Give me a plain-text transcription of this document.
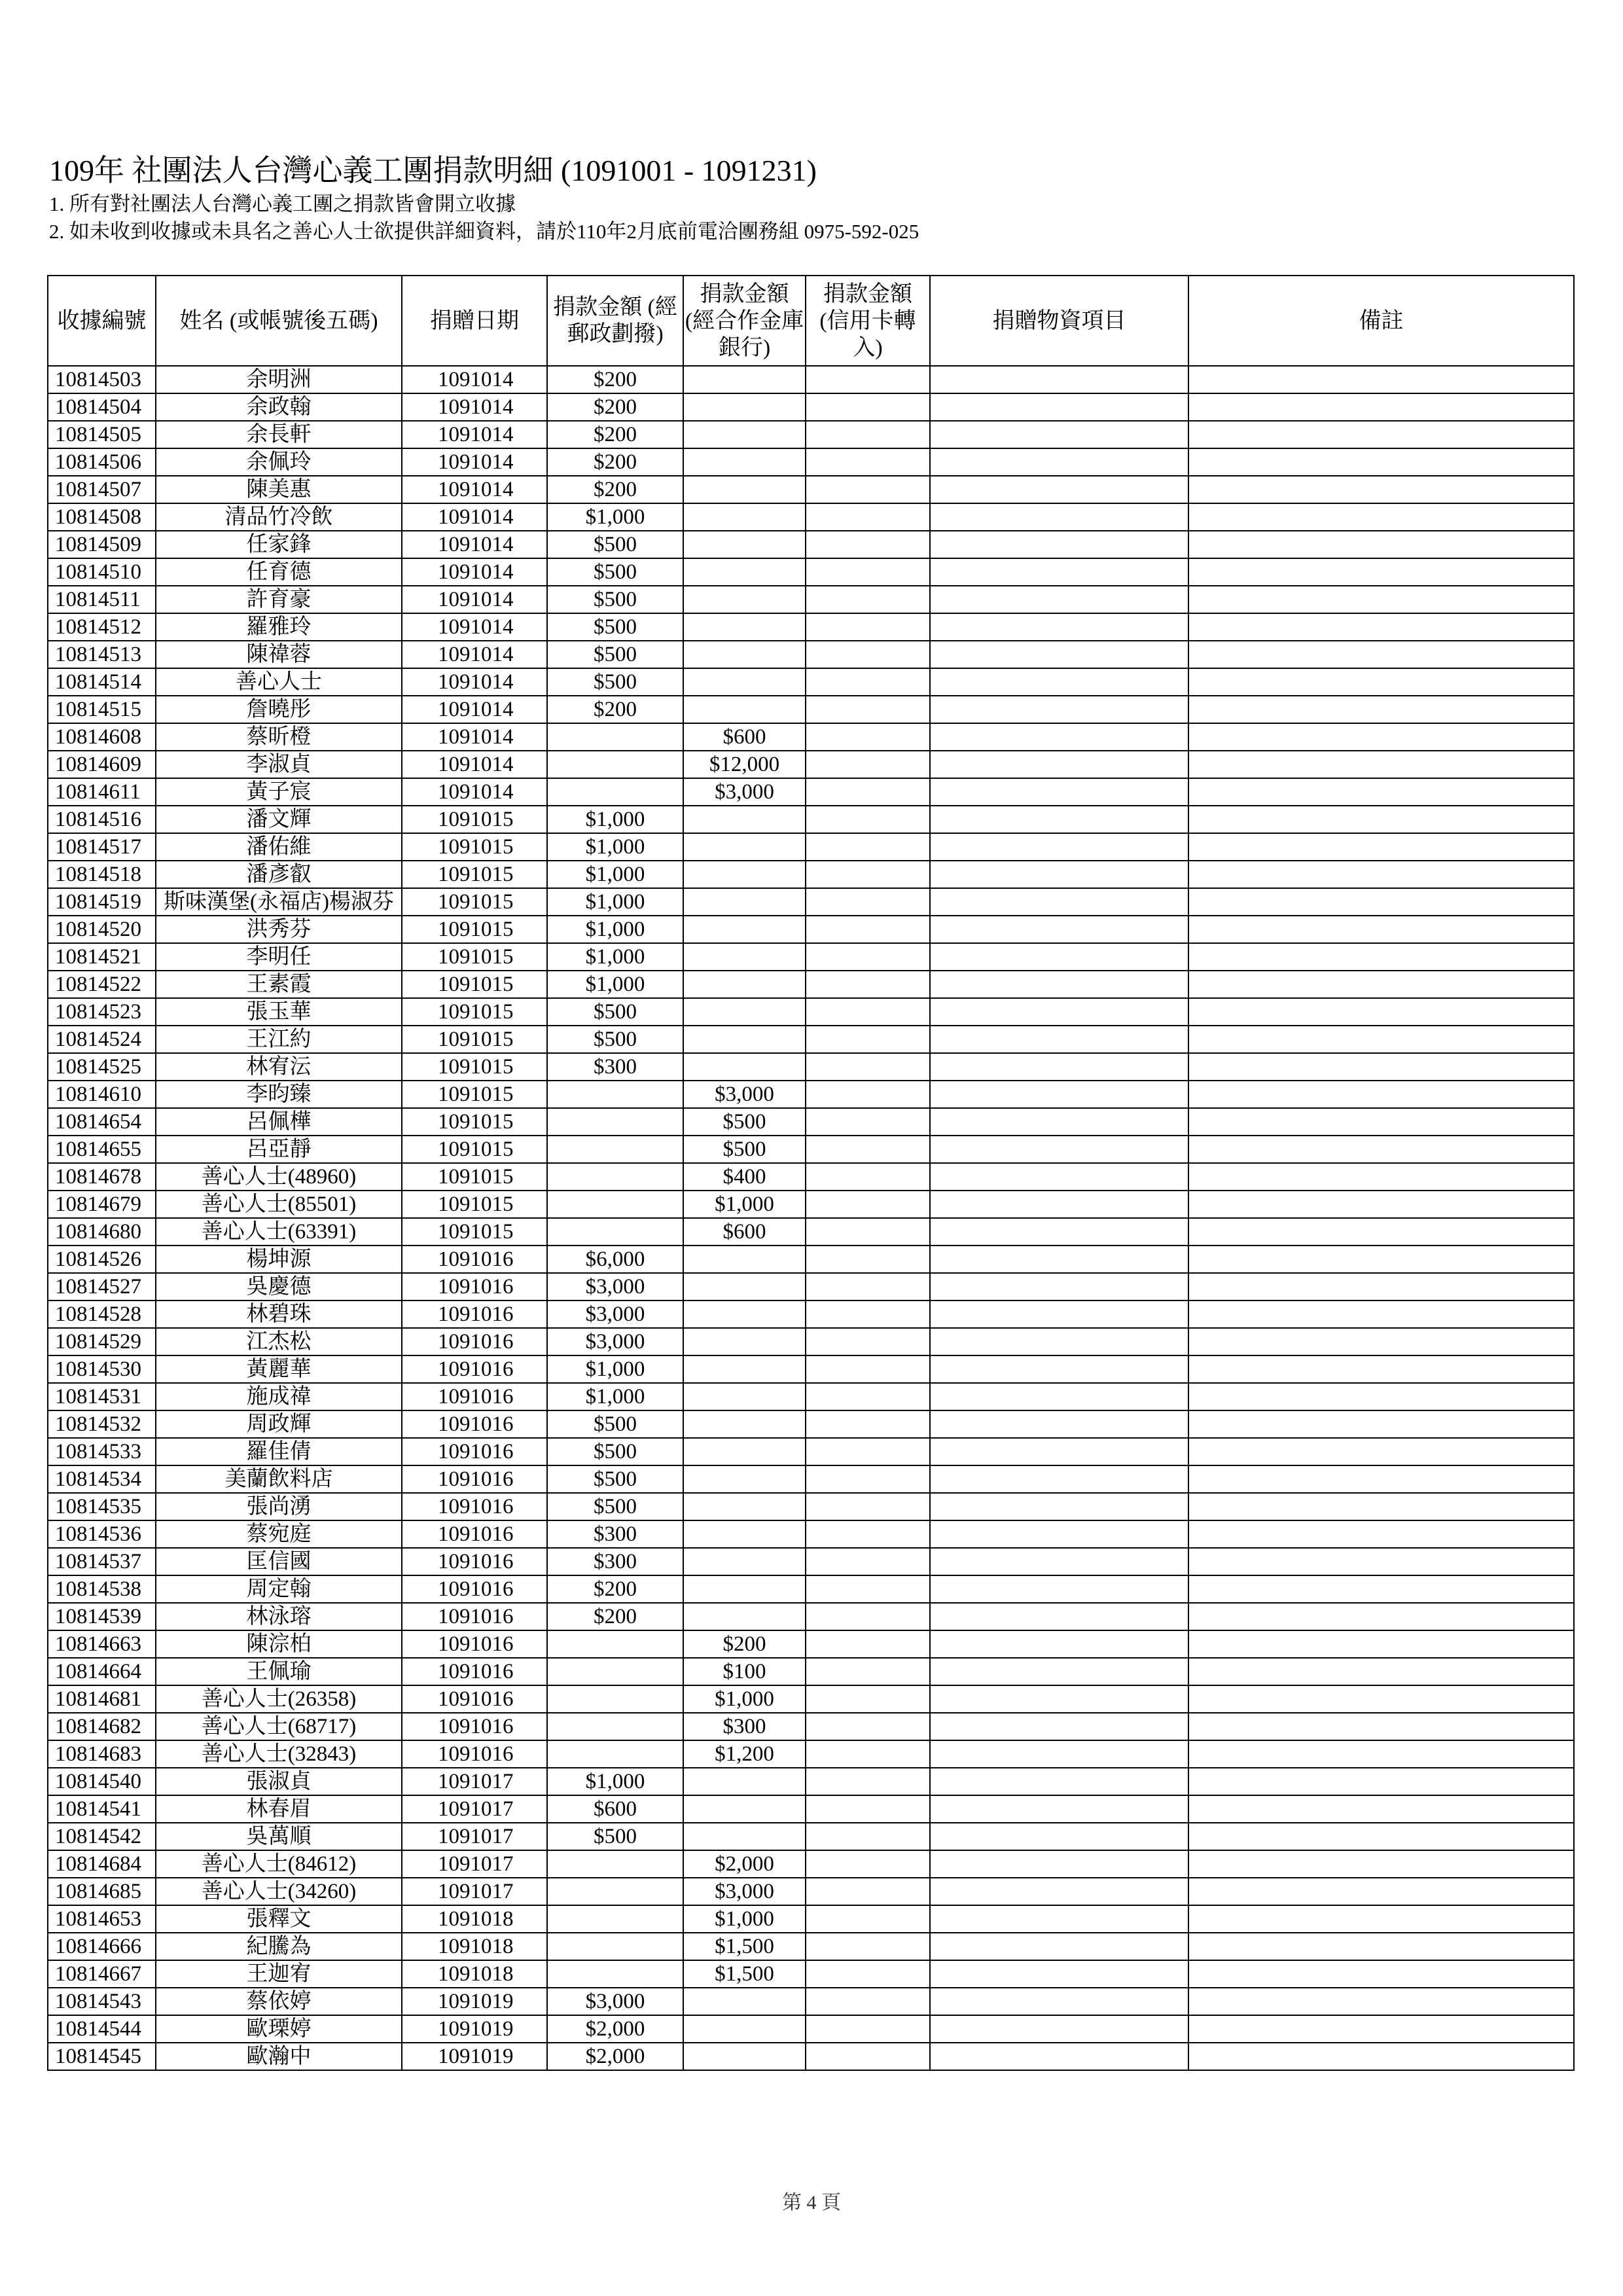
109年 社團法人台灣心義工團捐款明細 (1091001 - 1091231)
1. 所有對社團法人台灣心義工團之捐款皆會開立收據
2. 如未收到收據或未具名之善心人士欲提供詳細資料，請於110年2月底前電洽團務組 0975-592-025
收據編號	姓名 (或帳號後五碼)	捐贈日期	捐款金額 (經郵政劃撥)	捐款金額 (經合作金庫銀行)	捐款金額 (信用卡轉入)	捐贈物資項目	備註
10814503	余明洲	1091014	$200				
10814504	余政翰	1091014	$200				
10814505	余長軒	1091014	$200				
10814506	余佩玲	1091014	$200				
10814507	陳美惠	1091014	$200				
10814508	清品竹冷飲	1091014	$1,000				
10814509	任家鋒	1091014	$500				
10814510	任育德	1091014	$500				
10814511	許育豪	1091014	$500				
10814512	羅雅玲	1091014	$500				
10814513	陳禕蓉	1091014	$500				
10814514	善心人士	1091014	$500				
10814515	詹曉彤	1091014	$200				
10814608	蔡昕橙	1091014		$600			
10814609	李淑貞	1091014		$12,000			
10814611	黃子宸	1091014		$3,000			
10814516	潘文輝	1091015	$1,000				
10814517	潘佑維	1091015	$1,000				
10814518	潘彥叡	1091015	$1,000				
10814519	斯味漢堡(永福店)楊淑芬	1091015	$1,000				
10814520	洪秀芬	1091015	$1,000				
10814521	李明任	1091015	$1,000				
10814522	王素霞	1091015	$1,000				
10814523	張玉華	1091015	$500				
10814524	王江約	1091015	$500				
10814525	林宥沄	1091015	$300				
10814610	李昀臻	1091015		$3,000			
10814654	呂佩樺	1091015		$500			
10814655	呂亞靜	1091015		$500			
10814678	善心人士(48960)	1091015		$400			
10814679	善心人士(85501)	1091015		$1,000			
10814680	善心人士(63391)	1091015		$600			
10814526	楊坤源	1091016	$6,000				
10814527	吳慶德	1091016	$3,000				
10814528	林碧珠	1091016	$3,000				
10814529	江杰松	1091016	$3,000				
10814530	黃麗華	1091016	$1,000				
10814531	施成禕	1091016	$1,000				
10814532	周政輝	1091016	$500				
10814533	羅佳倩	1091016	$500				
10814534	美蘭飲料店	1091016	$500				
10814535	張尚湧	1091016	$500				
10814536	蔡宛庭	1091016	$300				
10814537	匡信國	1091016	$300				
10814538	周定翰	1091016	$200				
10814539	林泳瑢	1091016	$200				
10814663	陳淙柏	1091016		$200			
10814664	王佩瑜	1091016		$100			
10814681	善心人士(26358)	1091016		$1,000			
10814682	善心人士(68717)	1091016		$300			
10814683	善心人士(32843)	1091016		$1,200			
10814540	張淑貞	1091017	$1,000				
10814541	林春眉	1091017	$600				
10814542	吳萬順	1091017	$500				
10814684	善心人士(84612)	1091017		$2,000			
10814685	善心人士(34260)	1091017		$3,000			
10814653	張釋文	1091018		$1,000			
10814666	紀騰為	1091018		$1,500			
10814667	王迦宥	1091018		$1,500			
10814543	蔡依婷	1091019	$3,000				
10814544	歐瑮婷	1091019	$2,000				
10814545	歐瀚中	1091019	$2,000				
第 4 頁
